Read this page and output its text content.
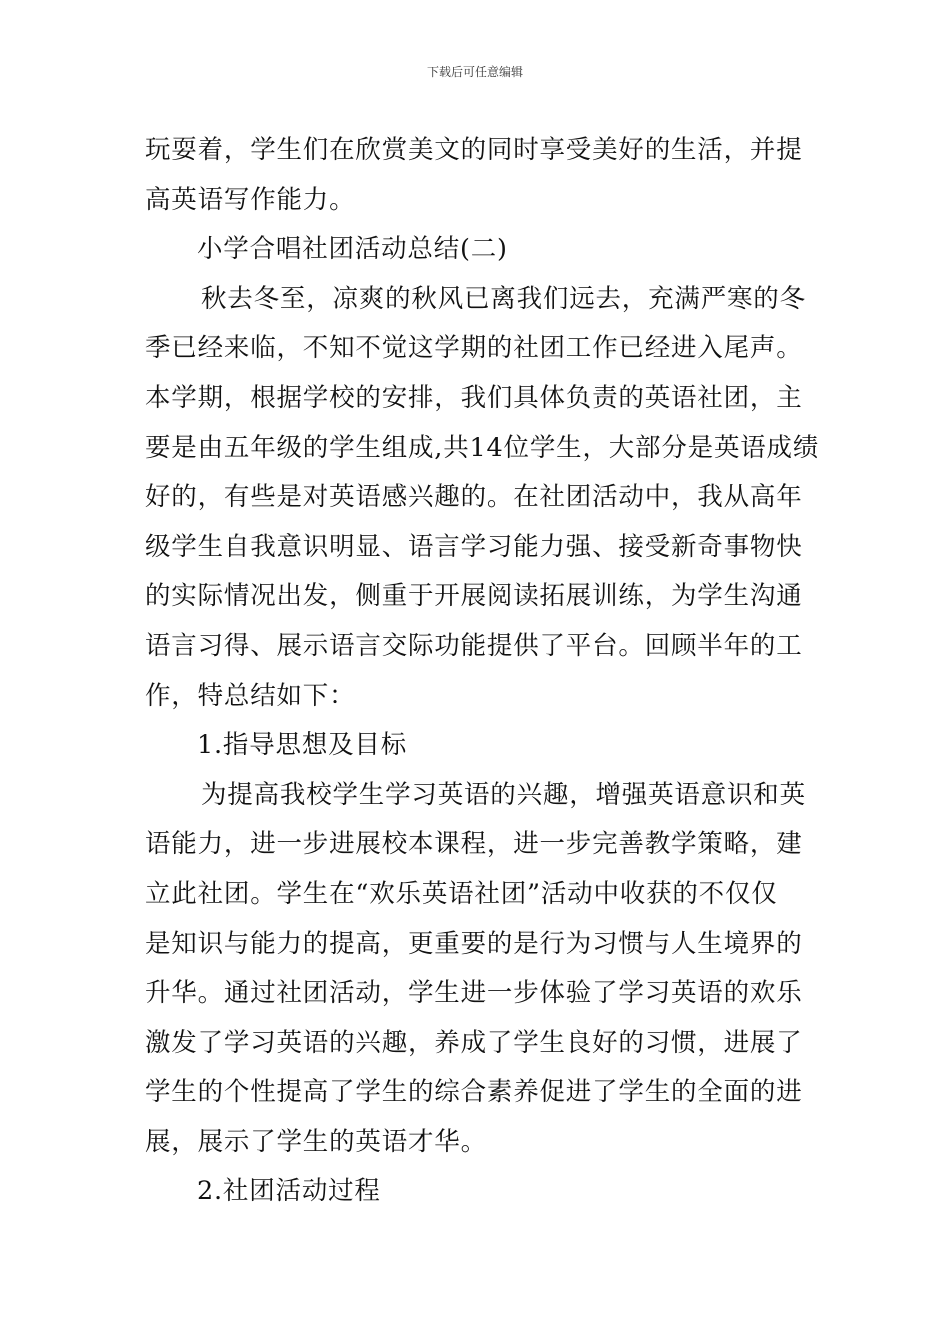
下载后可任意编辑

玩耍着，学生们在欣赏美文的同时享受美好的生活，并提

高英语写作能力。

小学合唱社团活动总结(二)

秋去冬至，凉爽的秋风已离我们远去，充满严寒的冬

季已经来临，不知不觉这学期的社团工作已经进入尾声。

本学期，根据学校的安排，我们具体负责的英语社团，主

要是由五年级的学生组成,共14位学生，大部分是英语成绩

好的，有些是对英语感兴趣的。在社团活动中，我从高年

级学生自我意识明显、语言学习能力强、接受新奇事物快

的实际情况出发，侧重于开展阅读拓展训练，为学生沟通

语言习得、展示语言交际功能提供了平台。回顾半年的工

作，特总结如下：

1.指导思想及目标

为提高我校学生学习英语的兴趣，增强英语意识和英

语能力，进一步进展校本课程，进一步完善教学策略，建

立此社团。学生在“欢乐英语社团”活动中收获的不仅仅

是知识与能力的提高，更重要的是行为习惯与人生境界的

升华。通过社团活动，学生进一步体验了学习英语的欢乐

激发了学习英语的兴趣，养成了学生良好的习惯，进展了

学生的个性提高了学生的综合素养促进了学生的全面的进

展，展示了学生的英语才华。

2.社团活动过程
